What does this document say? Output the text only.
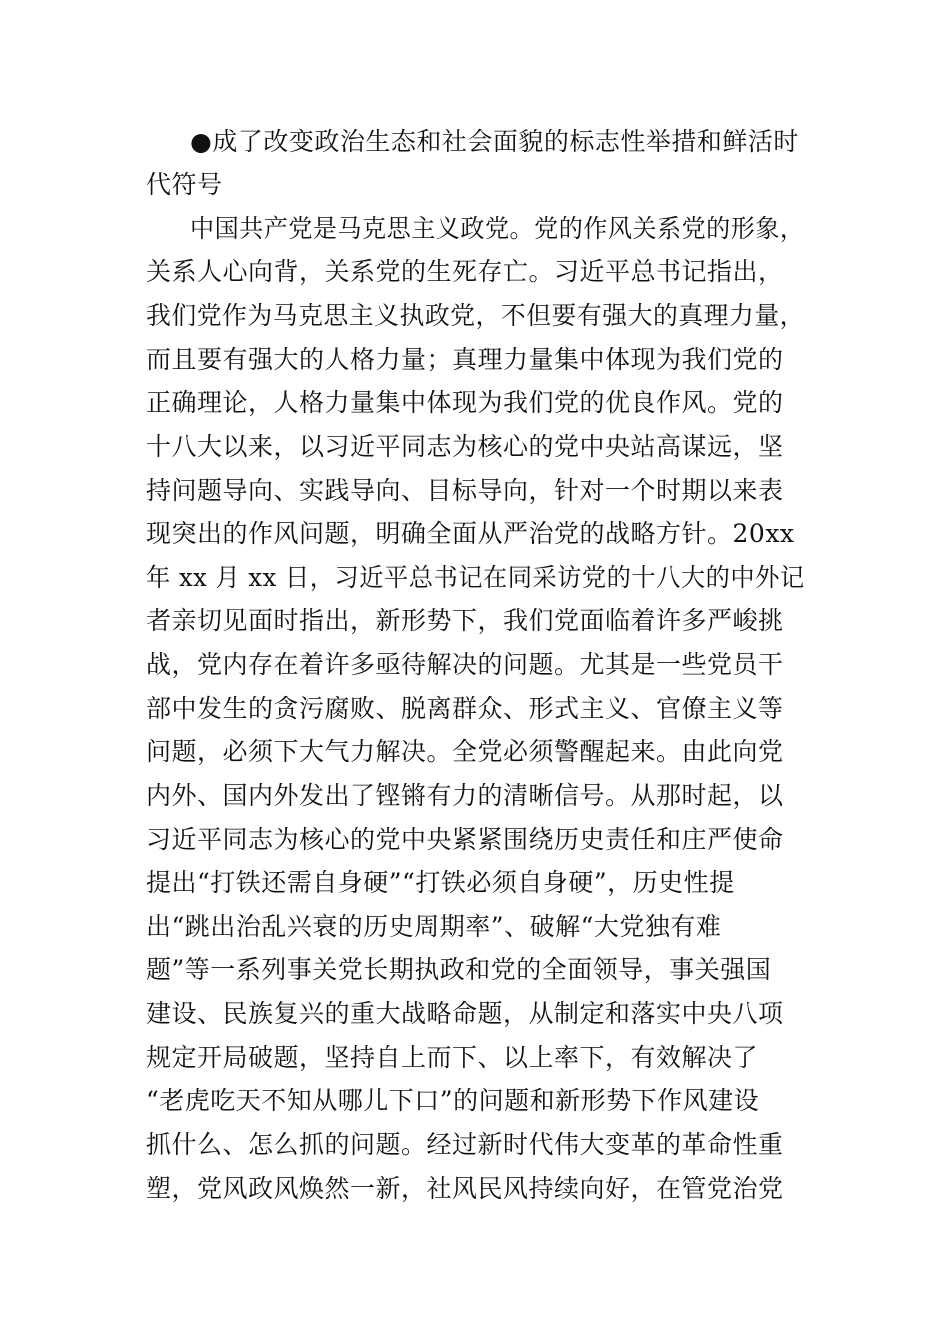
●成了改变政治生态和社会面貌的标志性举措和鲜活时
代符号
中国共产党是马克思主义政党。党的作风关系党的形象，
关系人心向背，关系党的生死存亡。习近平总书记指出，
我们党作为马克思主义执政党，不但要有强大的真理力量，
而且要有强大的人格力量；真理力量集中体现为我们党的
正确理论，人格力量集中体现为我们党的优良作风。党的
十八大以来，以习近平同志为核心的党中央站高谋远，坚
持问题导向、实践导向、目标导向，针对一个时期以来表
现突出的作风问题，明确全面从严治党的战略方针。20xx
年 xx 月 xx 日，习近平总书记在同采访党的十八大的中外记
者亲切见面时指出，新形势下，我们党面临着许多严峻挑
战，党内存在着许多亟待解决的问题。尤其是一些党员干
部中发生的贪污腐败、脱离群众、形式主义、官僚主义等
问题，必须下大气力解决。全党必须警醒起来。由此向党
内外、国内外发出了铿锵有力的清晰信号。从那时起，以
习近平同志为核心的党中央紧紧围绕历史责任和庄严使命
提出“打铁还需自身硬”“打铁必须自身硬”，历史性提
出“跳出治乱兴衰的历史周期率”、破解“大党独有难
题”等一系列事关党长期执政和党的全面领导，事关强国
建设、民族复兴的重大战略命题，从制定和落实中央八项
规定开局破题，坚持自上而下、以上率下，有效解决了
“老虎吃天不知从哪儿下口”的问题和新形势下作风建设
抓什么、怎么抓的问题。经过新时代伟大变革的革命性重
塑，党风政风焕然一新，社风民风持续向好，在管党治党
